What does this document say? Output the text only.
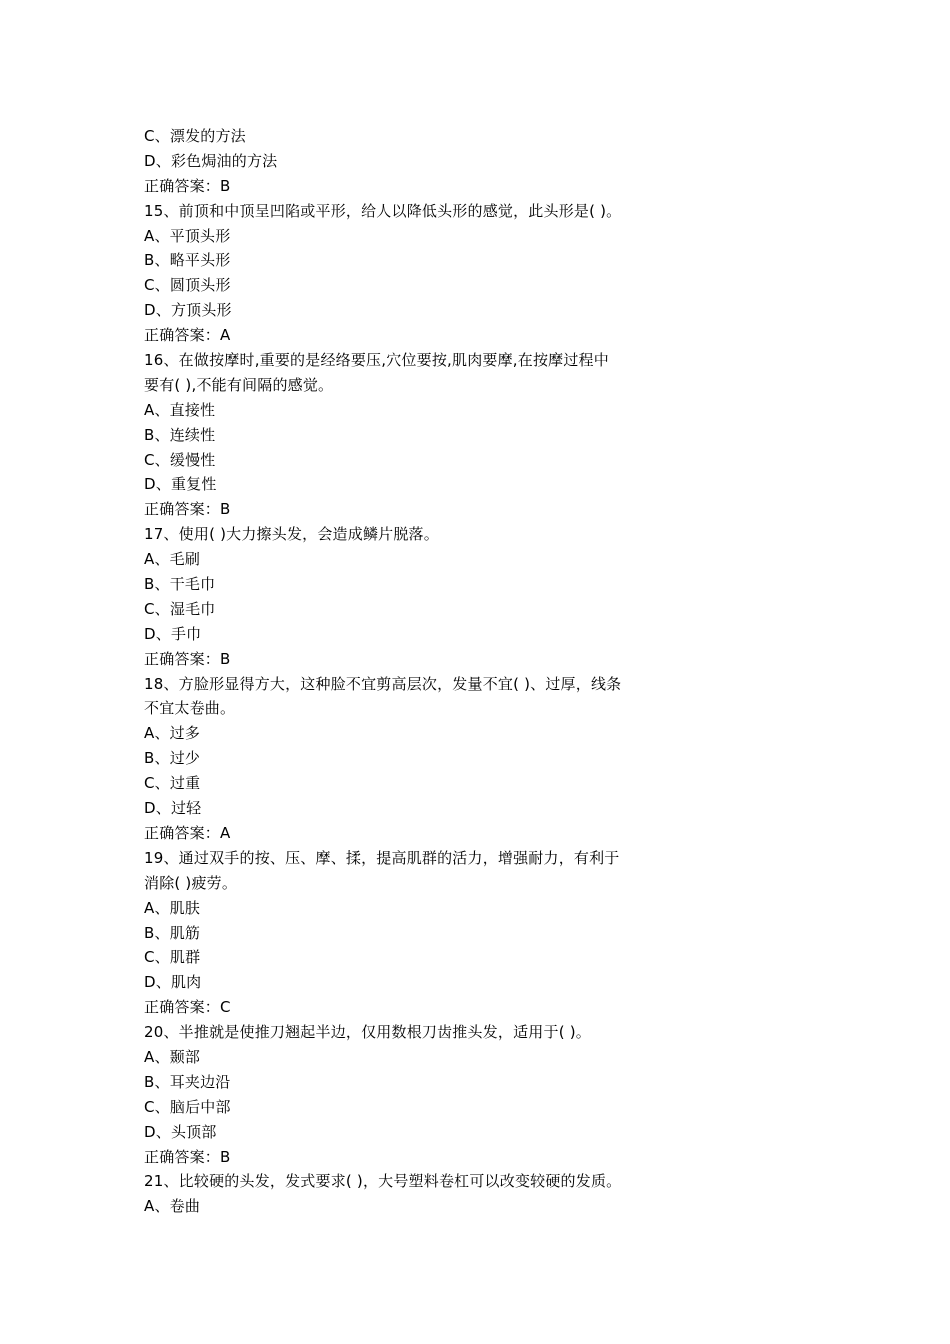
C、漂发的方法
D、彩色焗油的方法
正确答案：B
15、前顶和中顶呈凹陷或平形，给人以降低头形的感觉，此头形是( )。
A、平顶头形
B、略平头形
C、圆顶头形
D、方顶头形
正确答案：A
16、在做按摩时,重要的是经络要压,穴位要按,肌肉要摩,在按摩过程中
要有( ),不能有间隔的感觉。
A、直接性
B、连续性
C、缓慢性
D、重复性
正确答案：B
17、使用( )大力擦头发，会造成鳞片脱落。
A、毛刷
B、干毛巾
C、湿毛巾
D、手巾
正确答案：B
18、方脸形显得方大，这种脸不宜剪高层次，发量不宜( )、过厚，线条
不宜太卷曲。
A、过多
B、过少
C、过重
D、过轻
正确答案：A
19、通过双手的按、压、摩、揉，提高肌群的活力，增强耐力，有利于
消除( )疲劳。
A、肌肤
B、肌筋
C、肌群
D、肌肉
正确答案：C
20、半推就是使推刀翘起半边，仅用数根刀齿推头发，适用于( )。
A、颞部
B、耳夹边沿
C、脑后中部
D、头顶部
正确答案：B
21、比较硬的头发，发式要求( )，大号塑料卷杠可以改变较硬的发质。
A、卷曲
